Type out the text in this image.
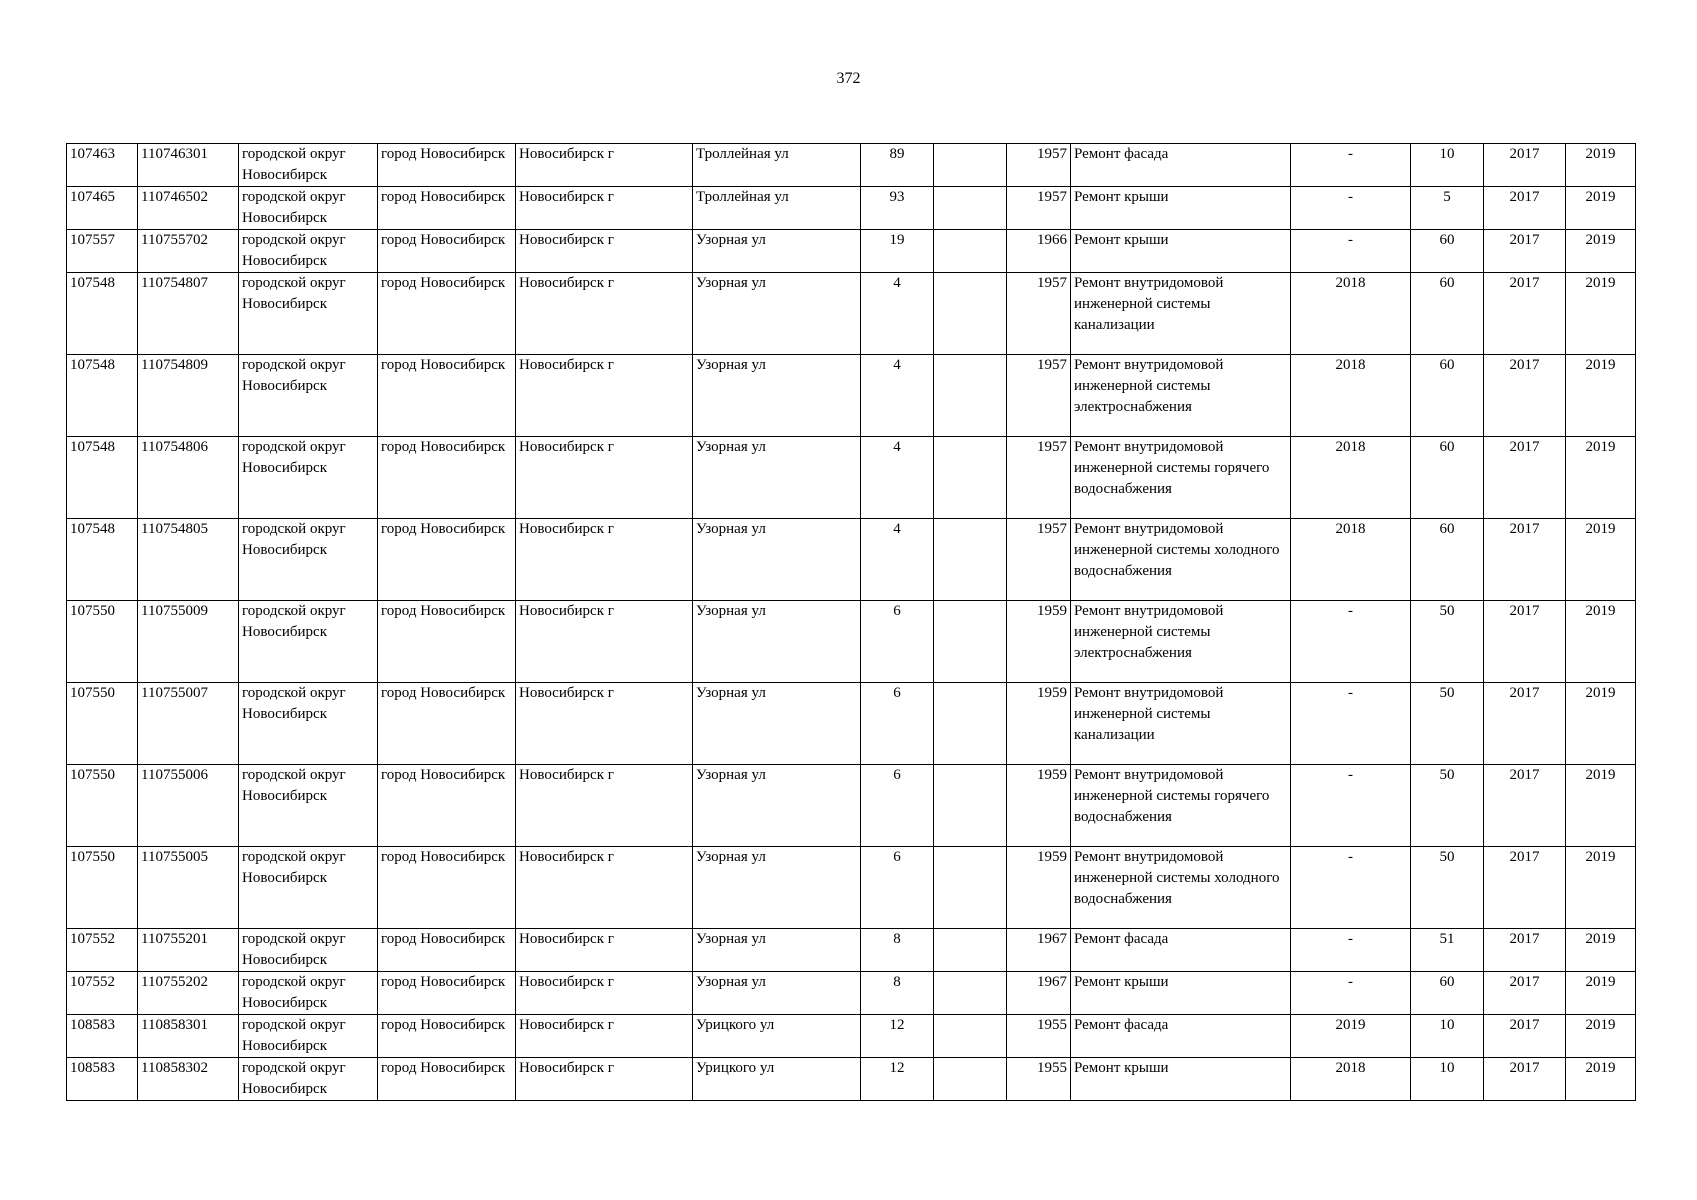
372
107463	110746301	городской округ Новосибирск	город Новосибирск	Новосибирск г	Троллейная ул	89		1957	Ремонт фасада	-	10	2017	2019
107465	110746502	городской округ Новосибирск	город Новосибирск	Новосибирск г	Троллейная ул	93		1957	Ремонт крыши	-	5	2017	2019
107557	110755702	городской округ Новосибирск	город Новосибирск	Новосибирск г	Узорная ул	19		1966	Ремонт крыши	-	60	2017	2019
107548	110754807	городской округ Новосибирск	город Новосибирск	Новосибирск г	Узорная ул	4		1957	Ремонт внутридомовой инженерной системы канализации	2018	60	2017	2019
107548	110754809	городской округ Новосибирск	город Новосибирск	Новосибирск г	Узорная ул	4		1957	Ремонт внутридомовой инженерной системы электроснабжения	2018	60	2017	2019
107548	110754806	городской округ Новосибирск	город Новосибирск	Новосибирск г	Узорная ул	4		1957	Ремонт внутридомовой инженерной системы горячего водоснабжения	2018	60	2017	2019
107548	110754805	городской округ Новосибирск	город Новосибирск	Новосибирск г	Узорная ул	4		1957	Ремонт внутридомовой инженерной системы холодного водоснабжения	2018	60	2017	2019
107550	110755009	городской округ Новосибирск	город Новосибирск	Новосибирск г	Узорная ул	6		1959	Ремонт внутридомовой инженерной системы электроснабжения	-	50	2017	2019
107550	110755007	городской округ Новосибирск	город Новосибирск	Новосибирск г	Узорная ул	6		1959	Ремонт внутридомовой инженерной системы канализации	-	50	2017	2019
107550	110755006	городской округ Новосибирск	город Новосибирск	Новосибирск г	Узорная ул	6		1959	Ремонт внутридомовой инженерной системы горячего водоснабжения	-	50	2017	2019
107550	110755005	городской округ Новосибирск	город Новосибирск	Новосибирск г	Узорная ул	6		1959	Ремонт внутридомовой инженерной системы холодного водоснабжения	-	50	2017	2019
107552	110755201	городской округ Новосибирск	город Новосибирск	Новосибирск г	Узорная ул	8		1967	Ремонт фасада	-	51	2017	2019
107552	110755202	городской округ Новосибирск	город Новосибирск	Новосибирск г	Узорная ул	8		1967	Ремонт крыши	-	60	2017	2019
108583	110858301	городской округ Новосибирск	город Новосибирск	Новосибирск г	Урицкого ул	12		1955	Ремонт фасада	2019	10	2017	2019
108583	110858302	городской округ Новосибирск	город Новосибирск	Новосибирск г	Урицкого ул	12		1955	Ремонт крыши	2018	10	2017	2019
